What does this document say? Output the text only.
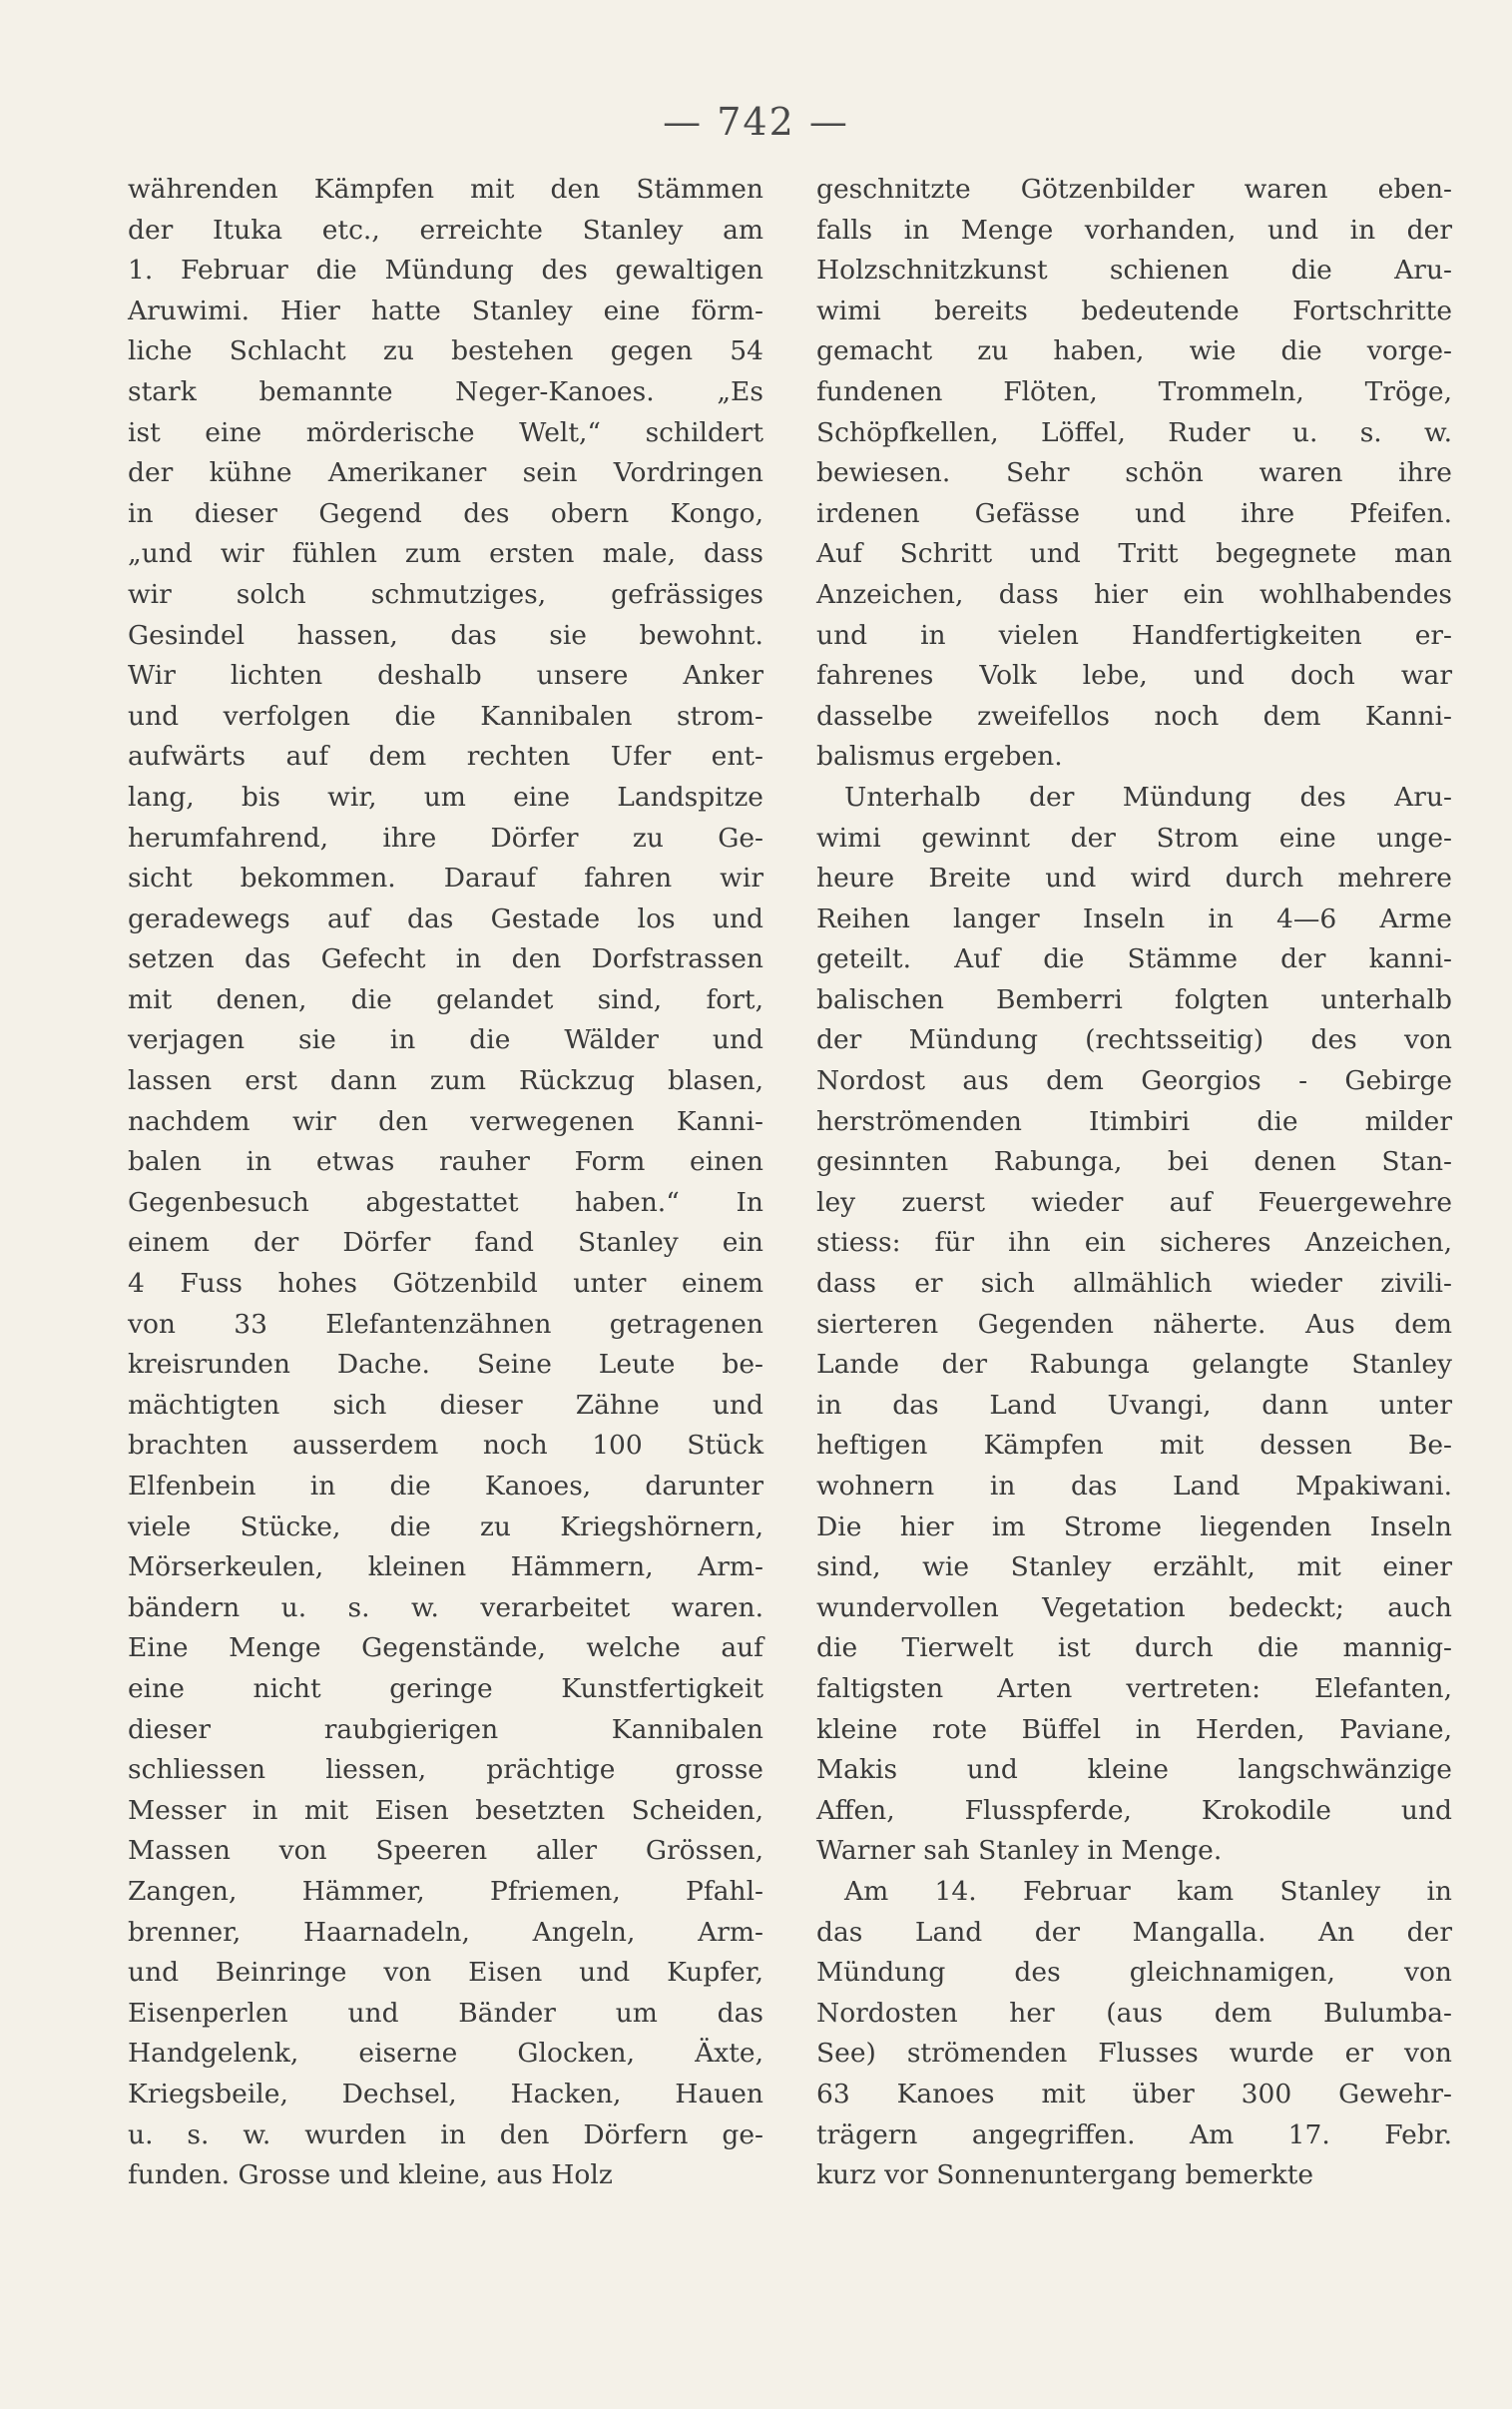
— 742 —
währenden Kämpfen mit den Stämmen
der Ituka etc., erreichte Stanley am
1. Februar die Mündung des gewaltigen
Aruwimi. Hier hatte Stanley eine förm-
liche Schlacht zu bestehen gegen 54
stark bemannte Neger-Kanoes. „Es
ist eine mörderische Welt,“ schildert
der kühne Amerikaner sein Vordringen
in dieser Gegend des obern Kongo,
„und wir fühlen zum ersten male, dass
wir solch schmutziges, gefrässiges
Gesindel hassen, das sie bewohnt.
Wir lichten deshalb unsere Anker
und verfolgen die Kannibalen strom-
aufwärts auf dem rechten Ufer ent-
lang, bis wir, um eine Landspitze
herumfahrend, ihre Dörfer zu Ge-
sicht bekommen. Darauf fahren wir
geradewegs auf das Gestade los und
setzen das Gefecht in den Dorfstrassen
mit denen, die gelandet sind, fort,
verjagen sie in die Wälder und
lassen erst dann zum Rückzug blasen,
nachdem wir den verwegenen Kanni-
balen in etwas rauher Form einen
Gegenbesuch abgestattet haben.“ In
einem der Dörfer fand Stanley ein
4 Fuss hohes Götzenbild unter einem
von 33 Elefantenzähnen getragenen
kreisrunden Dache. Seine Leute be-
mächtigten sich dieser Zähne und
brachten ausserdem noch 100 Stück
Elfenbein in die Kanoes, darunter
viele Stücke, die zu Kriegshörnern,
Mörserkeulen, kleinen Hämmern, Arm-
bändern u. s. w. verarbeitet waren.
Eine Menge Gegenstände, welche auf
eine nicht geringe Kunstfertigkeit
dieser raubgierigen Kannibalen
schliessen liessen, prächtige grosse
Messer in mit Eisen besetzten Scheiden,
Massen von Speeren aller Grössen,
Zangen, Hämmer, Pfriemen, Pfahl-
brenner, Haarnadeln, Angeln, Arm-
und Beinringe von Eisen und Kupfer,
Eisenperlen und Bänder um das
Handgelenk, eiserne Glocken, Äxte,
Kriegsbeile, Dechsel, Hacken, Hauen
u. s. w. wurden in den Dörfern ge-
funden. Grosse und kleine, aus Holz
geschnitzte Götzenbilder waren eben-
falls in Menge vorhanden, und in der
Holzschnitzkunst schienen die Aru-
wimi bereits bedeutende Fortschritte
gemacht zu haben, wie die vorge-
fundenen Flöten, Trommeln, Tröge,
Schöpfkellen, Löffel, Ruder u. s. w.
bewiesen. Sehr schön waren ihre
irdenen Gefässe und ihre Pfeifen.
Auf Schritt und Tritt begegnete man
Anzeichen, dass hier ein wohlhabendes
und in vielen Handfertigkeiten er-
fahrenes Volk lebe, und doch war
dasselbe zweifellos noch dem Kanni-
balismus ergeben.
Unterhalb der Mündung des Aru-
wimi gewinnt der Strom eine unge-
heure Breite und wird durch mehrere
Reihen langer Inseln in 4—6 Arme
geteilt. Auf die Stämme der kanni-
balischen Bemberri folgten unterhalb
der Mündung (rechtsseitig) des von
Nordost aus dem Georgios - Gebirge
herströmenden Itimbiri die milder
gesinnten Rabunga, bei denen Stan-
ley zuerst wieder auf Feuergewehre
stiess: für ihn ein sicheres Anzeichen,
dass er sich allmählich wieder zivili-
sierteren Gegenden näherte. Aus dem
Lande der Rabunga gelangte Stanley
in das Land Uvangi, dann unter
heftigen Kämpfen mit dessen Be-
wohnern in das Land Mpakiwani.
Die hier im Strome liegenden Inseln
sind, wie Stanley erzählt, mit einer
wundervollen Vegetation bedeckt; auch
die Tierwelt ist durch die mannig-
faltigsten Arten vertreten: Elefanten,
kleine rote Büffel in Herden, Paviane,
Makis und kleine langschwänzige
Affen, Flusspferde, Krokodile und
Warner sah Stanley in Menge.
Am 14. Februar kam Stanley in
das Land der Mangalla. An der
Mündung des gleichnamigen, von
Nordosten her (aus dem Bulumba-
See) strömenden Flusses wurde er von
63 Kanoes mit über 300 Gewehr-
trägern angegriffen. Am 17. Febr.
kurz vor Sonnenuntergang bemerkte
